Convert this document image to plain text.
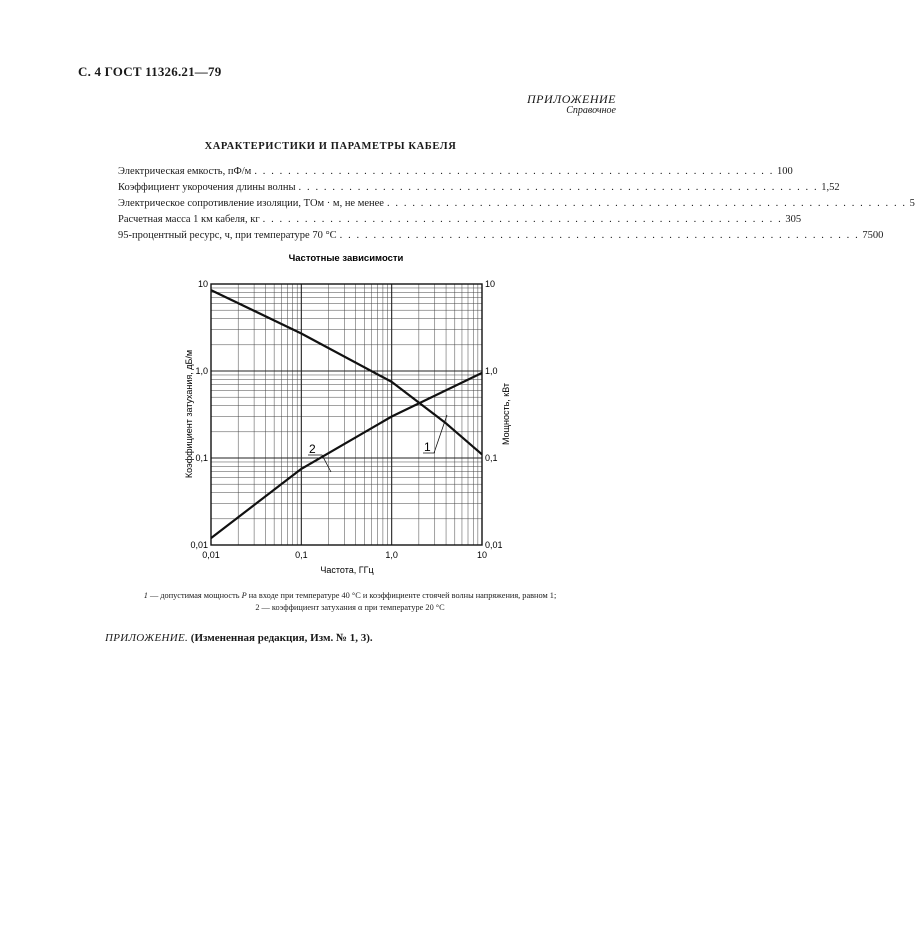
С. 4 ГОСТ 11326.21—79
ПРИЛОЖЕНИЕ
Справочное
ХАРАКТЕРИСТИКИ И ПАРАМЕТРЫ КАБЕЛЯ
Электрическая емкость, пФ/м . . . . . . . . . . . . . . . . . . . . . . . . . . . . . . . . . . . . . . . . . . . . . . . . . . . . . . . . . . . . . . 100
Коэффициент укорочения длины волны . . . . . . . . . . . . . . . . . . . . . . . . . . . . . . . . . . . . . . . . . . . . . . . . . . . . . . . . . . . . . . 1,52
Электрическое сопротивление изоляции, ТОм · м, не менее . . . . . . . . . . . . . . . . . . . . . . . . . . . . . . . . . . . . . . . . . . . . . . . . . . . . . . . . . . . . . . 5
Расчетная масса 1 км кабеля, кг . . . . . . . . . . . . . . . . . . . . . . . . . . . . . . . . . . . . . . . . . . . . . . . . . . . . . . . . . . . . . . 305
95-процентный ресурс, ч, при температуре 70 °С . . . . . . . . . . . . . . . . . . . . . . . . . . . . . . . . . . . . . . . . . . . . . . . . . . . . . . . . . . . . . . 7500
0,01	0,1	1,0	10
0,01	0,01
0,1	0,1
1,0	1,0
10	10
Частотные зависимости
Частота, ГГц
Коэффициент затухания, дБ/м	Мощность, кВт
1
2
1 — допустимая мощность P на входе при температуре 40 °С и коэффициенте стоячей волны напряжения, равном 1;
2 — коэффициент затухания α при температуре 20 °С
ПРИЛОЖЕНИЕ. (Измененная редакция, Изм. № 1, 3).
